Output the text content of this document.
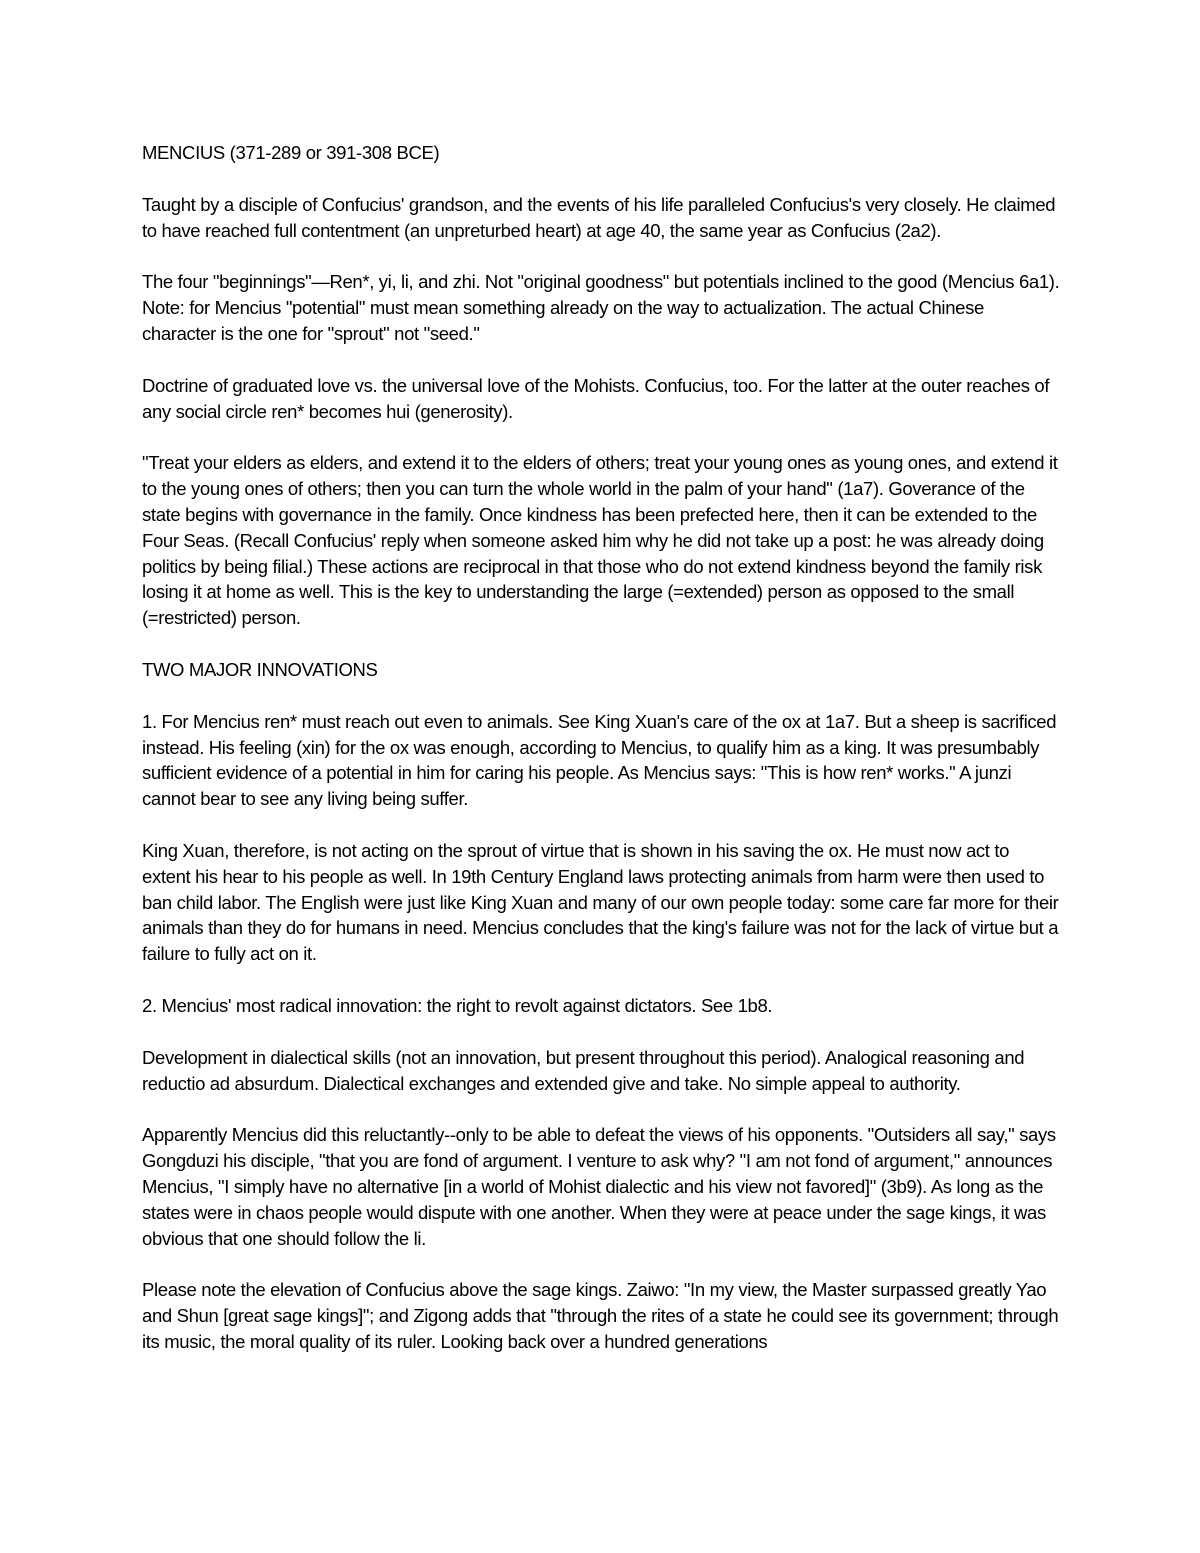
MENCIUS (371-289 or 391-308 BCE)
Taught by a disciple of Confucius' grandson, and the events of his life paralleled Confucius's very closely. He claimed to have reached full contentment (an unpreturbed heart) at age 40, the same year as Confucius (2a2).
The four "beginnings"—Ren*, yi, li, and zhi. Not "original goodness" but potentials inclined to the good (Mencius 6a1). Note: for Mencius "potential" must mean something already on the way to actualization. The actual Chinese character is the one for "sprout" not "seed."
Doctrine of graduated love vs. the universal love of the Mohists. Confucius, too. For the latter at the outer reaches of any social circle ren* becomes hui (generosity).
"Treat your elders as elders, and extend it to the elders of others; treat your young ones as young ones, and extend it to the young ones of others; then you can turn the whole world in the palm of your hand" (1a7). Goverance of the state begins with governance in the family. Once kindness has been prefected here, then it can be extended to the Four Seas. (Recall Confucius' reply when someone asked him why he did not take up a post: he was already doing politics by being filial.) These actions are reciprocal in that those who do not extend kindness beyond the family risk losing it at home as well. This is the key to understanding the large (=extended) person as opposed to the small (=restricted) person.
TWO MAJOR INNOVATIONS
1. For Mencius ren* must reach out even to animals. See King Xuan's care of the ox at 1a7. But a sheep is sacrificed instead. His feeling (xin) for the ox was enough, according to Mencius, to qualify him as a king. It was presumbably sufficient evidence of a potential in him for caring his people. As Mencius says: "This is how ren* works." A junzi cannot bear to see any living being suffer.
King Xuan, therefore, is not acting on the sprout of virtue that is shown in his saving the ox. He must now act to extent his hear to his people as well. In 19th Century England laws protecting animals from harm were then used to ban child labor. The English were just like King Xuan and many of our own people today: some care far more for their animals than they do for humans in need. Mencius concludes that the king's failure was not for the lack of virtue but a failure to fully act on it.
2. Mencius' most radical innovation: the right to revolt against dictators. See 1b8.
Development in dialectical skills (not an innovation, but present throughout this period). Analogical reasoning and reductio ad absurdum. Dialectical exchanges and extended give and take. No simple appeal to authority.
Apparently Mencius did this reluctantly--only to be able to defeat the views of his opponents. "Outsiders all say," says Gongduzi his disciple, "that you are fond of argument. I venture to ask why? "I am not fond of argument," announces Mencius, "I simply have no alternative [in a world of Mohist dialectic and his view not favored]" (3b9). As long as the states were in chaos people would dispute with one another. When they were at peace under the sage kings, it was obvious that one should follow the li.
Please note the elevation of Confucius above the sage kings. Zaiwo: "In my view, the Master surpassed greatly Yao and Shun [great sage kings]"; and Zigong adds that "through the rites of a state he could see its government; through its music, the moral quality of its ruler. Looking back over a hundred generations
